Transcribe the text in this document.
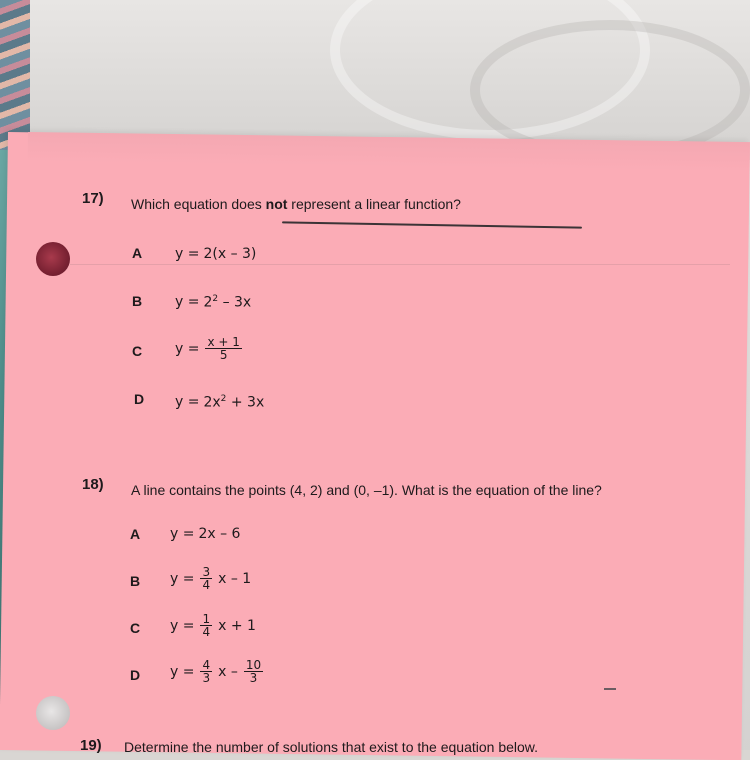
17) Which equation does not represent a linear function?
A y = 2(x – 3)
B $y = 2^2 - 3x$
C $y = \frac{x + 1}{5}$
D $y = 2x^2 + 3x$
18) A line contains the points (4, 2) and (0, –1). What is the equation of the line?
A y = 2x – 6
B $y = \frac{3}{4}$ x – 1
C $y = \frac{1}{4}$ x + 1
D $y = \frac{4}{3}$ x – $\frac{10}{3}$
19) Determine the number of solutions that exist to the equation below.
